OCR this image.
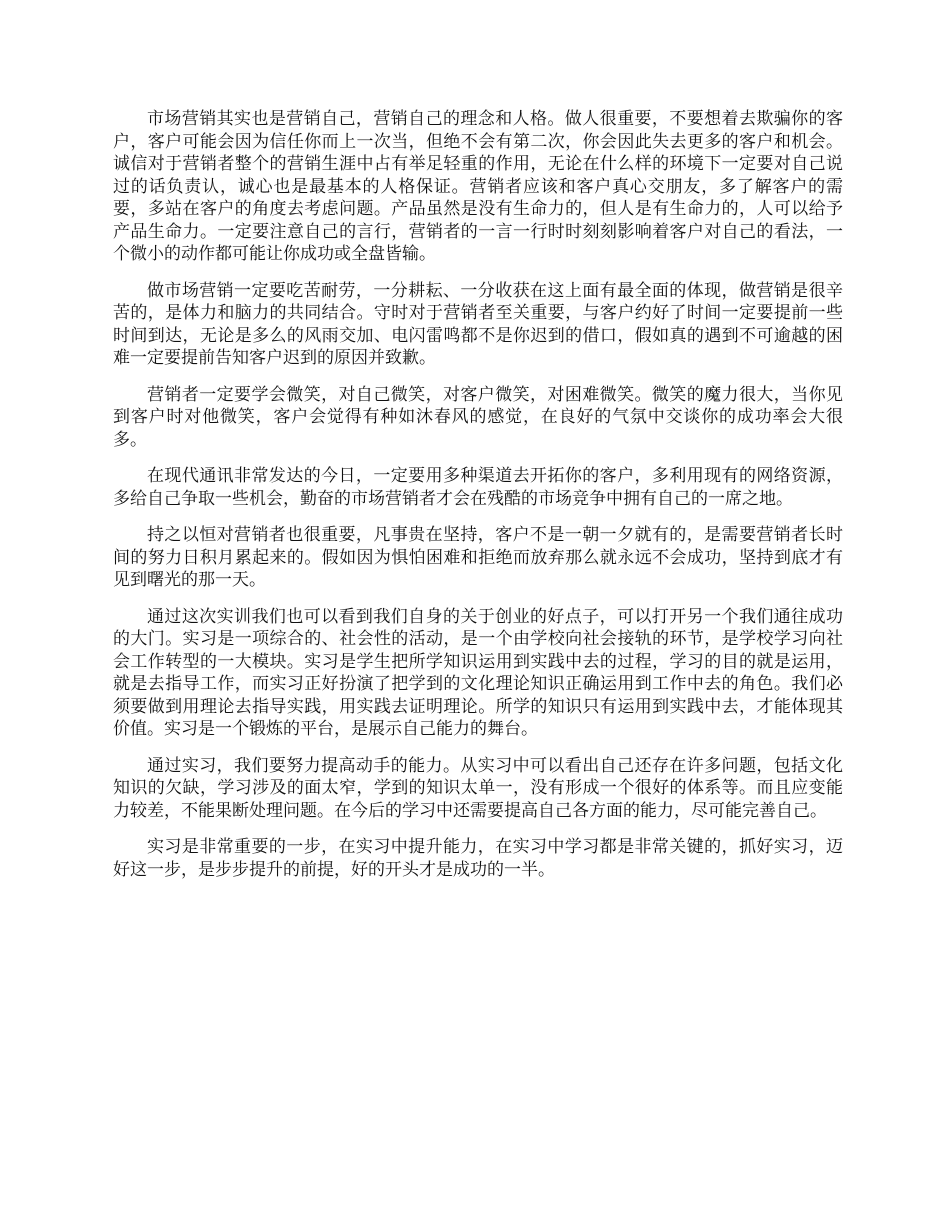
市场营销其实也是营销自己，营销自己的理念和人格。做人很重要，不要想着去欺骗你的客户，客户可能会因为信任你而上一次当，但绝不会有第二次，你会因此失去更多的客户和机会。诚信对于营销者整个的营销生涯中占有举足轻重的作用，无论在什么样的环境下一定要对自己说过的话负责认，诚心也是最基本的人格保证。营销者应该和客户真心交朋友，多了解客户的需要，多站在客户的角度去考虑问题。产品虽然是没有生命力的，但人是有生命力的，人可以给予产品生命力。一定要注意自己的言行，营销者的一言一行时时刻刻影响着客户对自己的看法，一个微小的动作都可能让你成功或全盘皆输。

做市场营销一定要吃苦耐劳，一分耕耘、一分收获在这上面有最全面的体现，做营销是很辛苦的，是体力和脑力的共同结合。守时对于营销者至关重要，与客户约好了时间一定要提前一些时间到达，无论是多么的风雨交加、电闪雷鸣都不是你迟到的借口，假如真的遇到不可逾越的困难一定要提前告知客户迟到的原因并致歉。

营销者一定要学会微笑，对自己微笑，对客户微笑，对困难微笑。微笑的魔力很大，当你见到客户时对他微笑，客户会觉得有种如沐春风的感觉，在良好的气氛中交谈你的成功率会大很多。

在现代通讯非常发达的今日，一定要用多种渠道去开拓你的客户，多利用现有的网络资源，多给自己争取一些机会，勤奋的市场营销者才会在残酷的市场竞争中拥有自己的一席之地。

持之以恒对营销者也很重要，凡事贵在坚持，客户不是一朝一夕就有的，是需要营销者长时间的努力日积月累起来的。假如因为惧怕困难和拒绝而放弃那么就永远不会成功，坚持到底才有见到曙光的那一天。

通过这次实训我们也可以看到我们自身的关于创业的好点子，可以打开另一个我们通往成功的大门。实习是一项综合的、社会性的活动，是一个由学校向社会接轨的环节，是学校学习向社会工作转型的一大模块。实习是学生把所学知识运用到实践中去的过程，学习的目的就是运用，就是去指导工作，而实习正好扮演了把学到的文化理论知识正确运用到工作中去的角色。我们必须要做到用理论去指导实践，用实践去证明理论。所学的知识只有运用到实践中去，才能体现其价值。实习是一个锻炼的平台，是展示自己能力的舞台。

通过实习，我们要努力提高动手的能力。从实习中可以看出自己还存在许多问题，包括文化知识的欠缺，学习涉及的面太窄，学到的知识太单一，没有形成一个很好的体系等。而且应变能力较差，不能果断处理问题。在今后的学习中还需要提高自己各方面的能力，尽可能完善自己。

实习是非常重要的一步，在实习中提升能力，在实习中学习都是非常关键的，抓好实习，迈好这一步，是步步提升的前提，好的开头才是成功的一半。
